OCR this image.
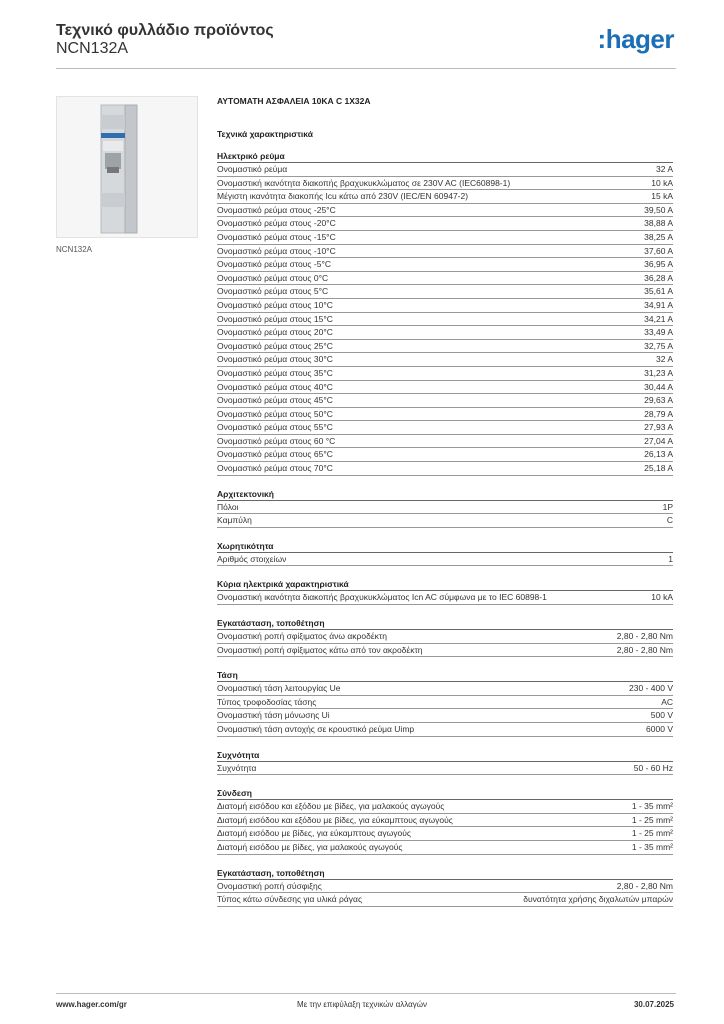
Τεχνικό φυλλάδιο προϊόντος
NCN132A	:hager
NCN132A
ΑΥΤΟΜΑΤΗ ΑΣΦΑΛΕΙΑ 10ΚΑ C 1X32A
Τεχνικά χαρακτηριστικά
Ηλεκτρικό ρεύμα
Ονομαστικό ρεύμα	32 A
Ονομαστική ικανότητα διακοπής βραχυκυκλώματος σε 230V AC (IEC60898-1)	10 kA
Μέγιστη ικανότητα διακοπής Icu κάτω από 230V (IEC/EN 60947-2)	15 kA
Ονομαστικό ρεύμα στους -25°C	39,50 A
Ονομαστικό ρεύμα στους -20°C	38,88 A
Ονομαστικό ρεύμα στους -15°C	38,25 A
Ονομαστικό ρεύμα στους -10°C	37,60 A
Ονομαστικό ρεύμα στους -5°C	36,95 A
Ονομαστικό ρεύμα στους 0°C	36,28 A
Ονομαστικό ρεύμα στους 5°C	35,61 A
Ονομαστικό ρεύμα στους 10°C	34,91 A
Ονομαστικό ρεύμα στους 15°C	34,21 A
Ονομαστικό ρεύμα στους 20°C	33,49 A
Ονομαστικό ρεύμα στους 25°C	32,75 A
Ονομαστικό ρεύμα στους 30°C	32 A
Ονομαστικό ρεύμα στους 35°C	31,23 A
Ονομαστικό ρεύμα στους 40°C	30,44 A
Ονομαστικό ρεύμα στους 45°C	29,63 A
Ονομαστικό ρεύμα στους 50°C	28,79 A
Ονομαστικό ρεύμα στους 55°C	27,93 A
Ονομαστικό ρεύμα στους 60 °C	27,04 A
Ονομαστικό ρεύμα στους 65°C	26,13 A
Ονομαστικό ρεύμα στους 70°C	25,18 A
Αρχιτεκτονική
Πόλοι	1P
Καμπύλη	C
Χωρητικότητα
Αριθμός στοιχείων	1
Κύρια ηλεκτρικά χαρακτηριστικά
Ονομαστική ικανότητα διακοπής βραχυκυκλώματος Icn AC σύμφωνα με το IEC 60898-1	10 kA
Εγκατάσταση, τοποθέτηση
Ονομαστική ροπή σφίξιματος άνω ακροδέκτη	2,80 - 2,80 Nm
Ονομαστική ροπή σφίξιματος κάτω από τον ακροδέκτη	2,80 - 2,80 Nm
Τάση
Ονομαστική τάση λειτουργίας Ue	230 - 400 V
Τύπος τροφοδοσίας τάσης	AC
Ονομαστική τάση μόνωσης Ui	500 V
Ονομαστική τάση αντοχής σε κρουστικό ρεύμα Uimp	6000 V
Συχνότητα
Συχνότητα	50 - 60 Hz
Σύνδεση
Διατομή εισόδου και εξόδου με βίδες, για μαλακούς αγωγούς	1 - 35 mm²
Διατομή εισόδου και εξόδου με βίδες, για εύκαμπτους αγωγούς	1 - 25 mm²
Διατομή εισόδου με βίδες, για εύκαμπτους αγωγούς	1 - 25 mm²
Διατομή εισόδου με βίδες, για μαλακούς αγωγούς	1 - 35 mm²
Εγκατάσταση, τοποθέτηση
Ονομαστική ροπή σύσφιξης	2,80 - 2,80 Nm
Τύπος κάτω σύνδεσης για υλικά ράγας	δυνατότητα χρήσης διχαλωτών μπαρών
www.hager.com/gr	Με την επιφύλαξη τεχνικών αλλαγών	30.07.2025
